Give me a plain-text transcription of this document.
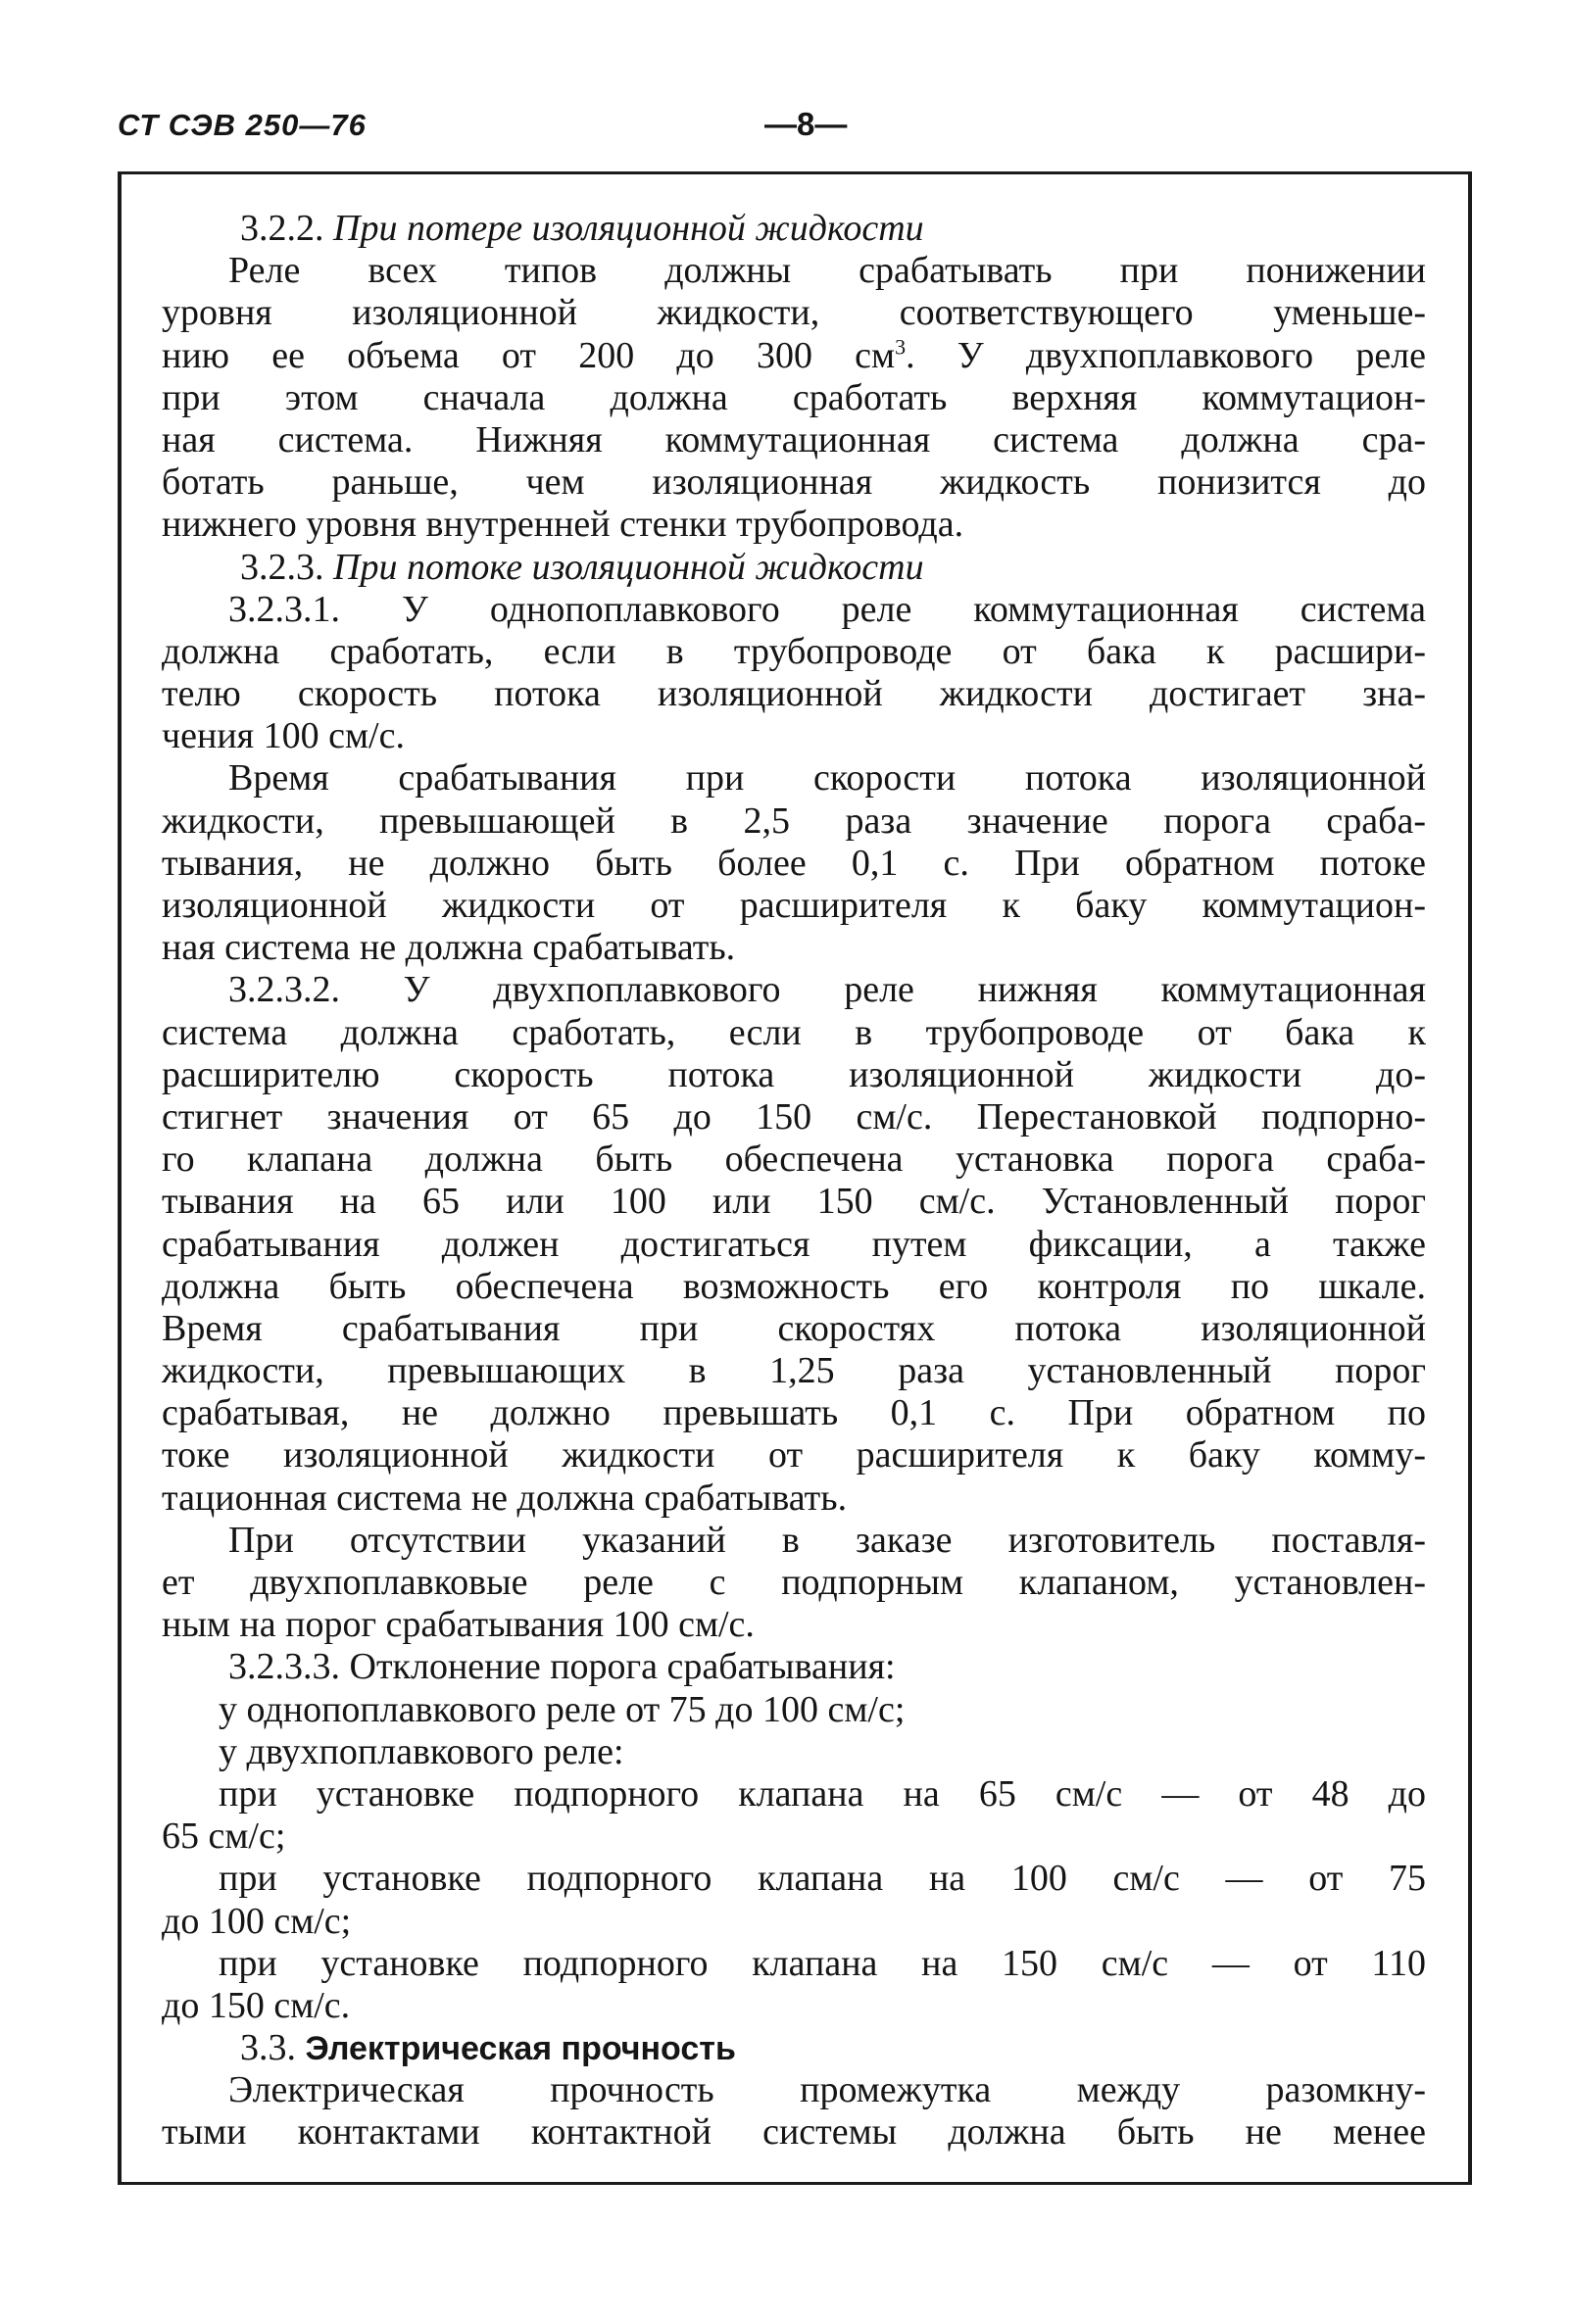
СТ СЭВ 250—76	—8—
3.2.2. При потере изоляционной жидкости
Реле всех типов должны срабатывать при понижении
уровня изоляционной жидкости, соответствующего уменьше-
нию ее объема от 200 до 300 $см^3$. У двухпоплавкового реле
при этом сначала должна сработать верхняя коммутацион-
ная система. Нижняя коммутационная система должна сра-
ботать раньше, чем изоляционная жидкость понизится до
нижнего уровня внутренней стенки трубопровода.
3.2.3. При потоке изоляционной жидкости
3.2.3.1. У однопоплавкового реле коммутационная система
должна сработать, если в трубопроводе от бака к расшири-
телю скорость потока изоляционной жидкости достигает зна-
чения 100 см/с.
Время срабатывания при скорости потока изоляционной
жидкости, превышающей в 2,5 раза значение порога сраба-
тывания, не должно быть более 0,1 с. При обратном потоке
изоляционной жидкости от расширителя к баку коммутацион-
ная система не должна срабатывать.
3.2.3.2. У двухпоплавкового реле нижняя коммутационная
система должна сработать, если в трубопроводе от бака к
расширителю скорость потока изоляционной жидкости до-
стигнет значения от 65 до 150 см/с. Перестановкой подпорно-
го клапана должна быть обеспечена установка порога сраба-
тывания на 65 или 100 или 150 см/с. Установленный порог
срабатывания должен достигаться путем фиксации, а также
должна быть обеспечена возможность его контроля по шкале.
Время срабатывания при скоростях потока изоляционной
жидкости, превышающих в 1,25 раза установленный порог
срабатывая, не должно превышать 0,1 с. При обратном по
токе изоляционной жидкости от расширителя к баку комму-
тационная система не должна срабатывать.
При отсутствии указаний в заказе изготовитель поставля-
ет двухпоплавковые реле с подпорным клапаном, установлен-
ным на порог срабатывания 100 см/с.
3.2.3.3. Отклонение порога срабатывания:
у однопоплавкового реле от 75 до 100 см/с;
у двухпоплавкового реле:
при установке подпорного клапана на 65 см/с — от 48 до
65 см/с;
при установке подпорного клапана на 100 см/с — от 75
до 100 см/с;
при установке подпорного клапана на 150 см/с — от 110
до 150 см/с.
3.3. Электрическая прочность
Электрическая прочность промежутка между разомкну-
тыми контактами контактной системы должна быть не менее
